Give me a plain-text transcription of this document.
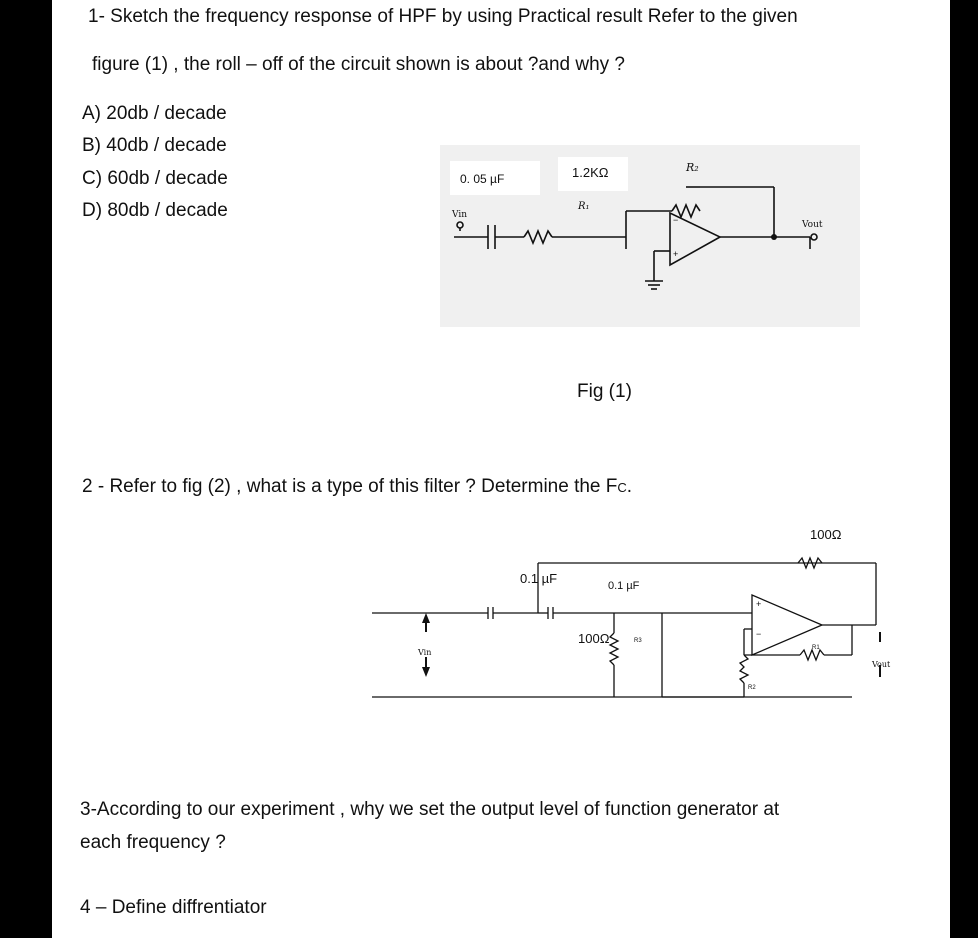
1- Sketch the frequency response of HPF by using Practical result Refer to the given
figure (1) , the roll – off of the circuit shown is about ?and why ?
A) 20db / decade
B) 40db / decade
C) 60db / decade
D) 80db / decade	−
+
0. 05 µF	1.2KΩ
R₁
R₂
Vin
Vout
Fig (1)
2 - Refer to fig (2) , what is a type of this filter ? Determine the FC.
+
−
0.1 µF	0.1 µF
100Ω	R3
100Ω
R1
R2
Vin
Vout
3-According to our experiment , why we set the output level of function generator at
each frequency ?
4 – Define diffrentiator
